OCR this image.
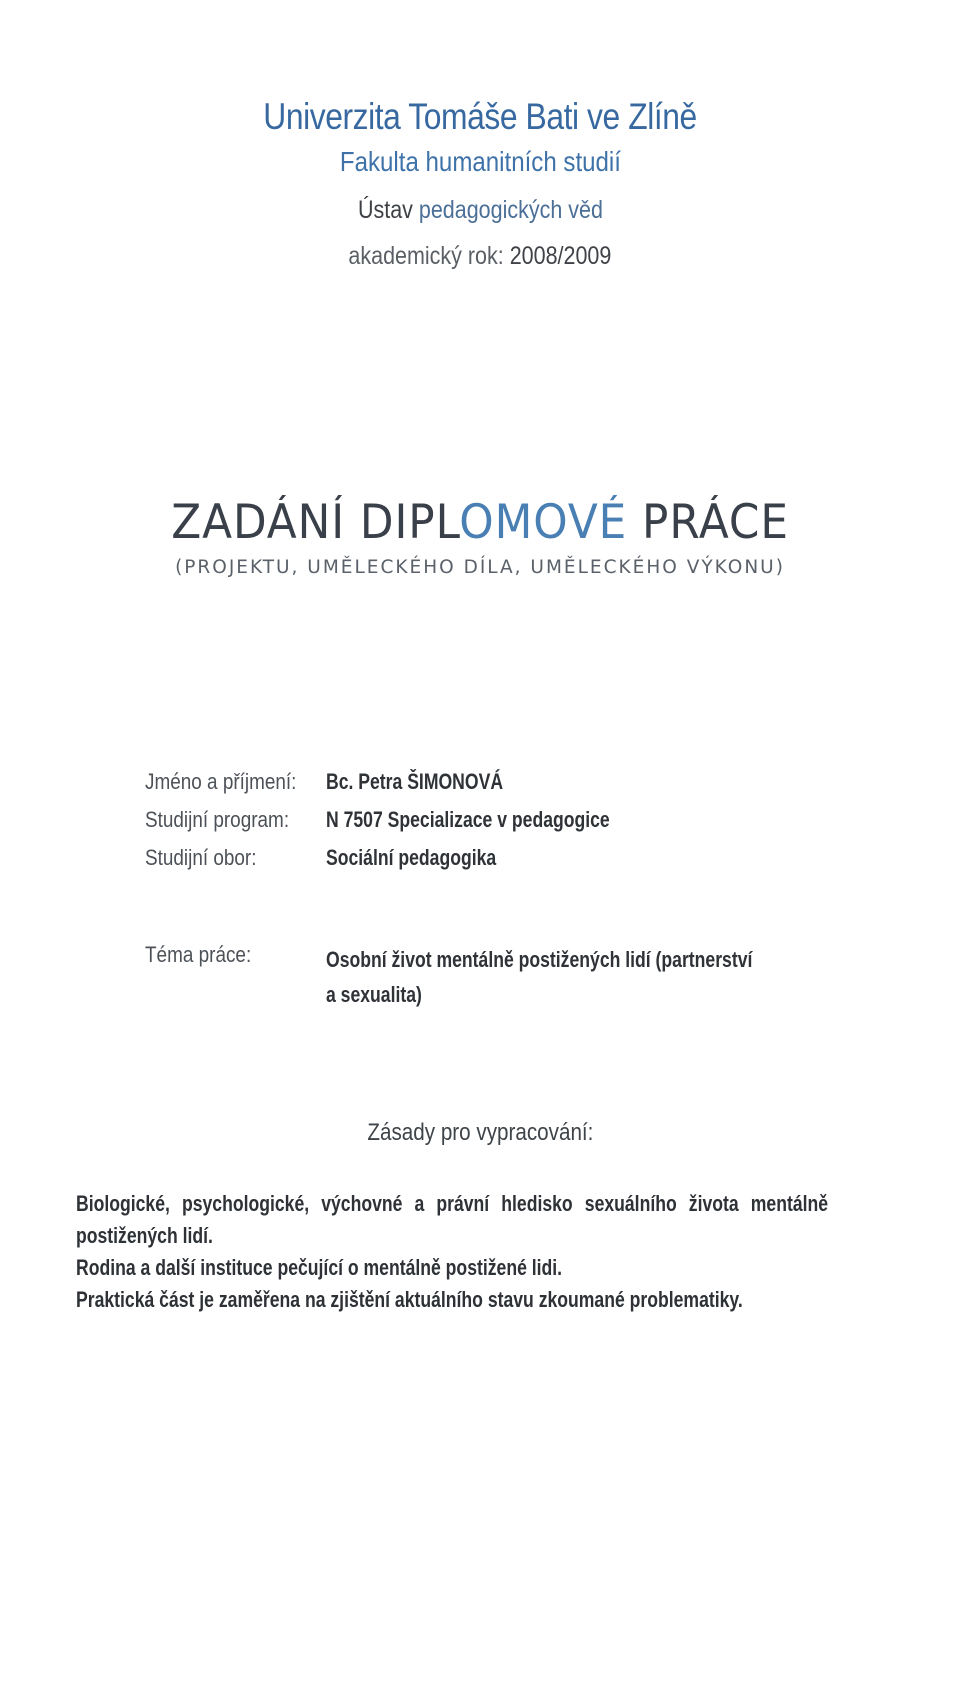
Univerzita Tomáše Bati ve Zlíně
Fakulta humanitních studií
Ústav pedagogických věd
akademický rok: 2008/2009
ZADÁNÍ DIPLOMOVÉ PRÁCE
(PROJEKTU, UMĚLECKÉHO DÍLA, UMĚLECKÉHO VÝKONU)
Jméno a příjmení: Bc. Petra ŠIMONOVÁ
Studijní program: N 7507 Specializace v pedagogice
Studijní obor:	Sociální pedagogika
Téma práce:	Osobní život mentálně postižených lidí (partnerství
a sexualita)
Zásady pro vypracování:
Biologické, psychologické, výchovné a právní hledisko sexuálního života mentálně
postižených lidí.
Rodina a další instituce pečující o mentálně postižené lidi.
Praktická část je zaměřena na zjištění aktuálního stavu zkoumané problematiky.
